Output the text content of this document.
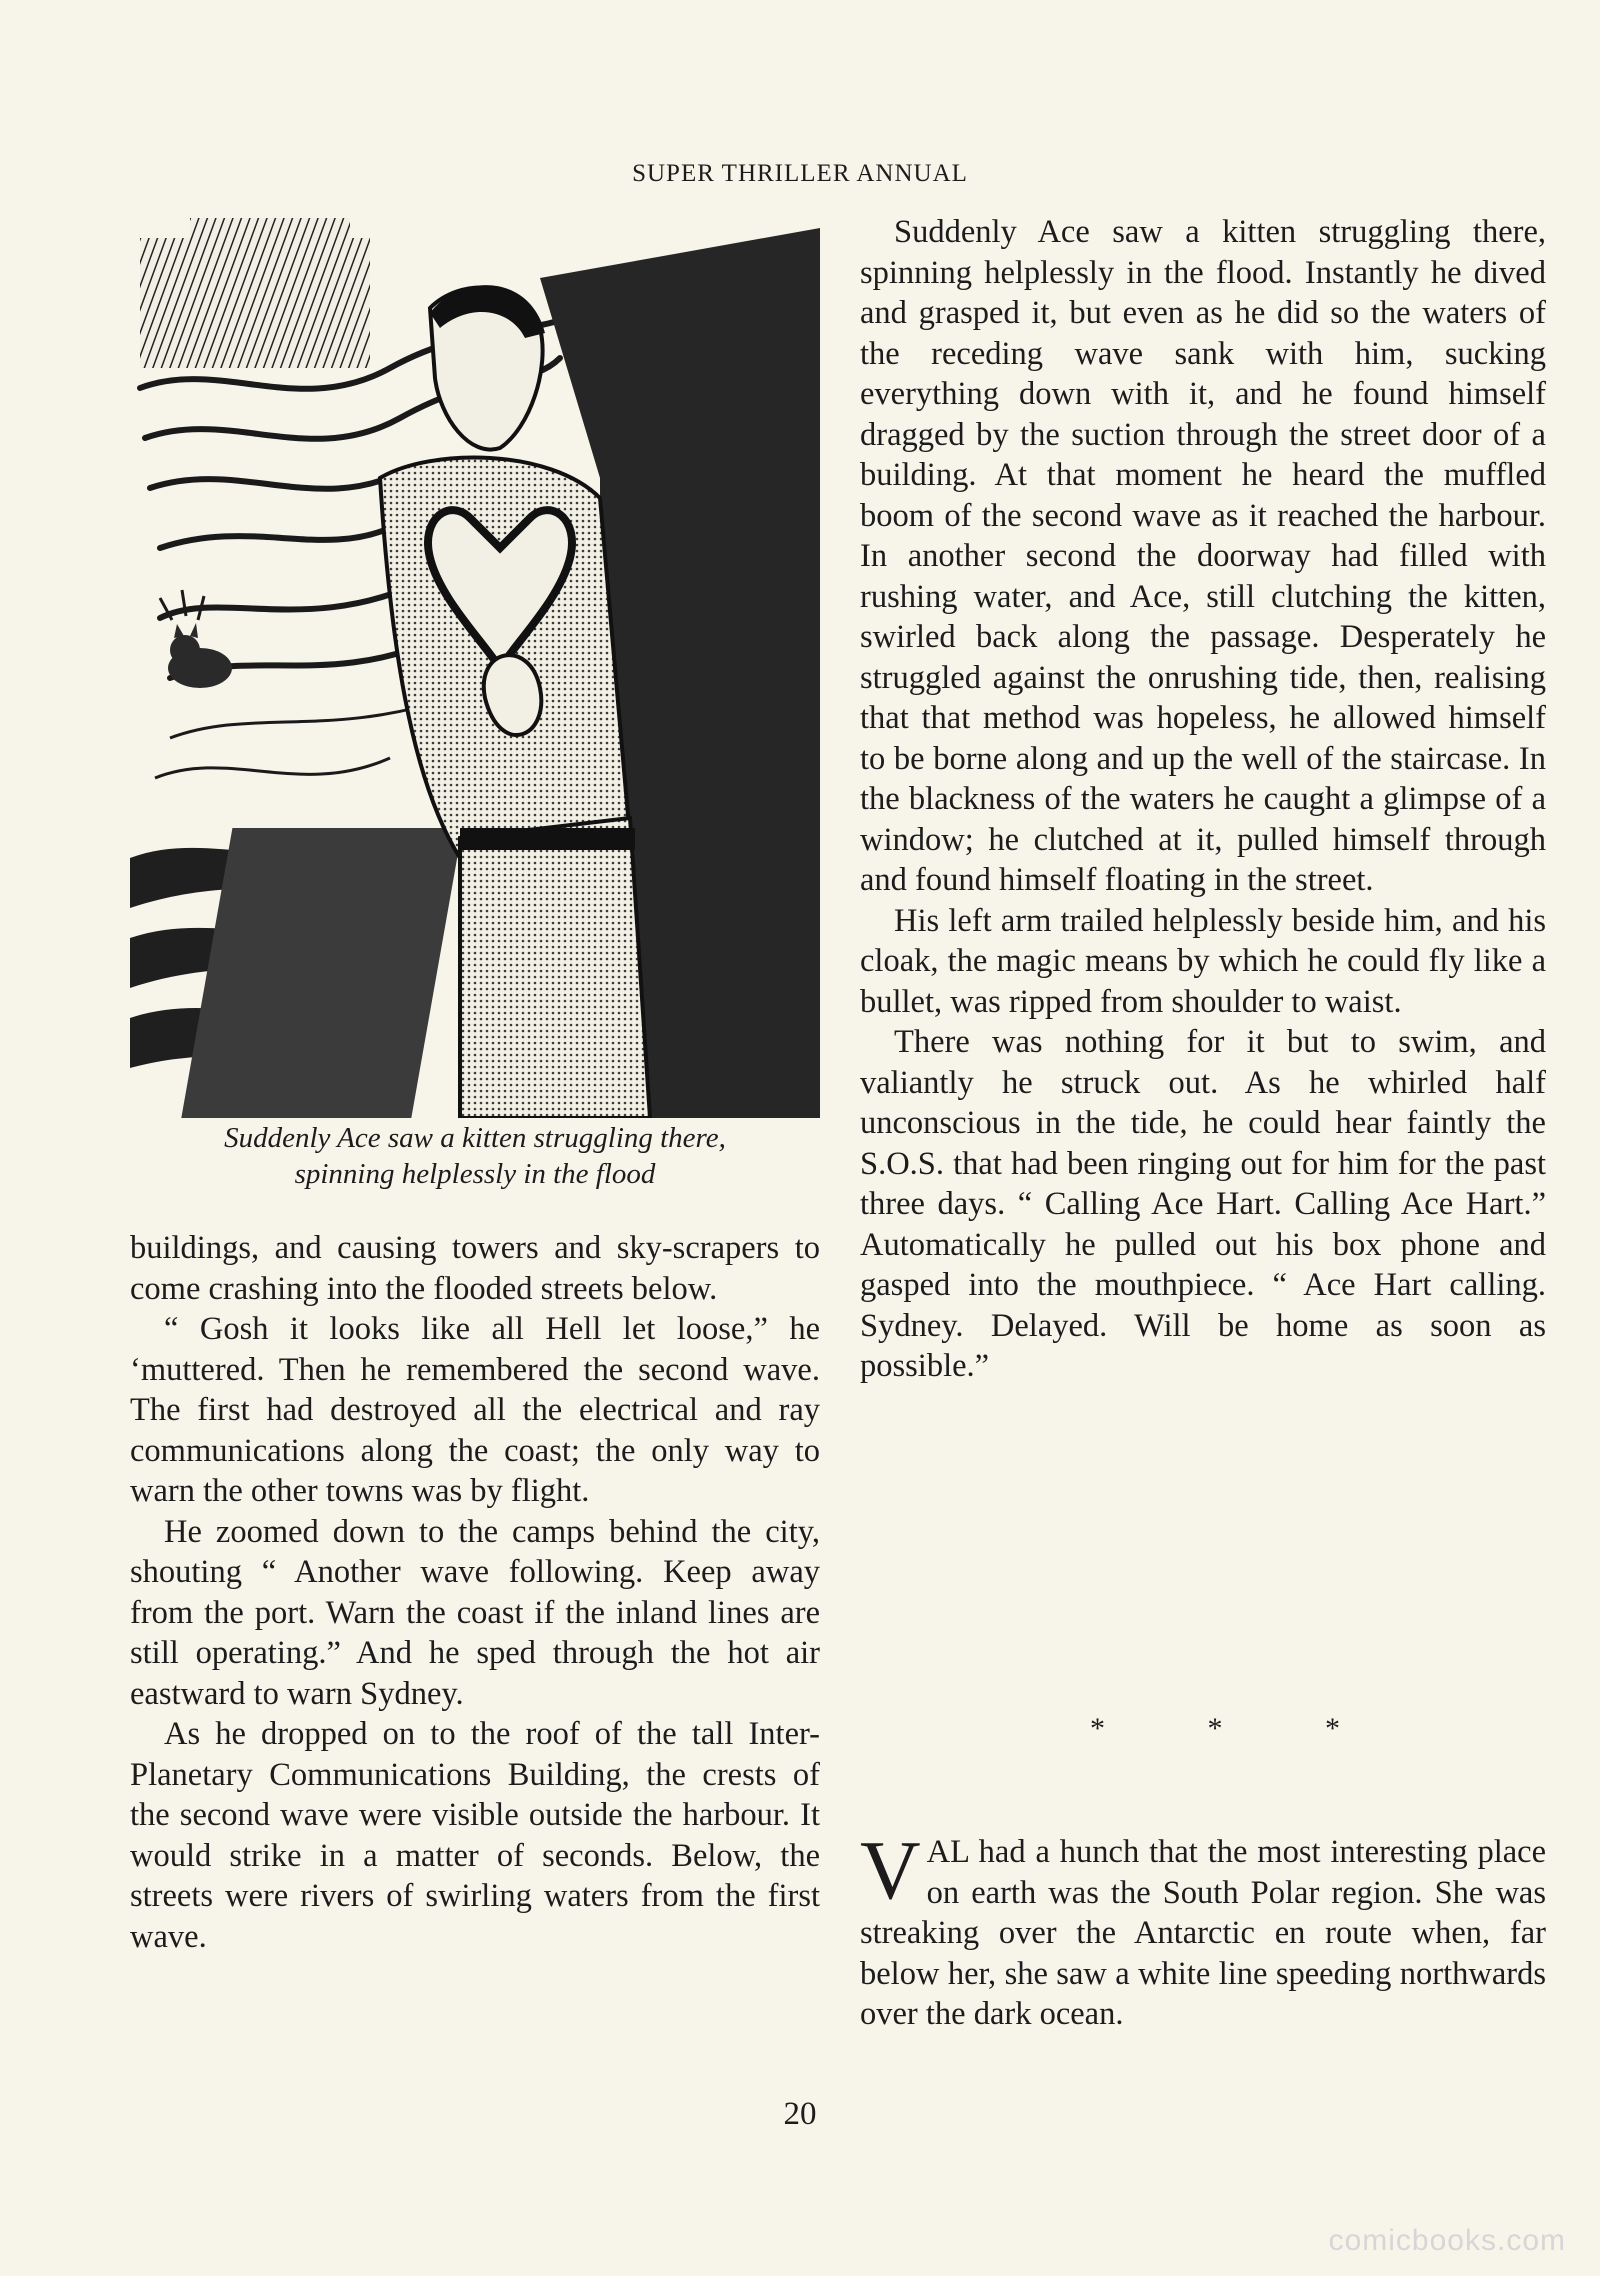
SUPER THRILLER ANNUAL
Suddenly Ace saw a kitten struggling there,
spinning helplessly in the flood

buildings, and causing towers and sky-scrapers to come crashing into the flooded streets below.

“ Gosh it looks like all Hell let loose,” he ‘muttered. Then he remembered the second wave. The first had destroyed all the electrical and ray communications along the coast; the only way to warn the other towns was by flight.

He zoomed down to the camps behind the city, shouting “ Another wave following. Keep away from the port. Warn the coast if the inland lines are still operating.” And he sped through the hot air eastward to warn Sydney.

As he dropped on to the roof of the tall Inter-Planetary Communications Building, the crests of the second wave were visible outside the harbour. It would strike in a matter of seconds. Below, the streets were rivers of swirling waters from the first wave.

Suddenly Ace saw a kitten struggling there, spinning helplessly in the flood. Instantly he dived and grasped it, but even as he did so the waters of the receding wave sank with him, sucking everything down with it, and he found himself dragged by the suction through the street door of a building. At that moment he heard the muffled boom of the second wave as it reached the harbour. In another second the doorway had filled with rushing water, and Ace, still clutching the kitten, swirled back along the passage. Desperately he struggled against the onrushing tide, then, realising that that method was hopeless, he allowed himself to be borne along and up the well of the staircase. In the blackness of the waters he caught a glimpse of a window; he clutched at it, pulled himself through and found himself floating in the street.

His left arm trailed helplessly beside him, and his cloak, the magic means by which he could fly like a bullet, was ripped from shoulder to waist.

There was nothing for it but to swim, and valiantly he struck out. As he whirled half unconscious in the tide, he could hear faintly the S.O.S. that had been ringing out for him for the past three days. “ Calling Ace Hart. Calling Ace Hart.” Automatically he pulled out his box phone and gasped into the mouthpiece. “ Ace Hart calling. Sydney. Delayed. Will be home as soon as possible.”

*	*	*

VAL had a hunch that the most interesting place on earth was the South Polar region. She was streaking over the Antarctic en route when, far below her, she saw a white line speeding northwards over the dark ocean.

20
comicbooks.com
